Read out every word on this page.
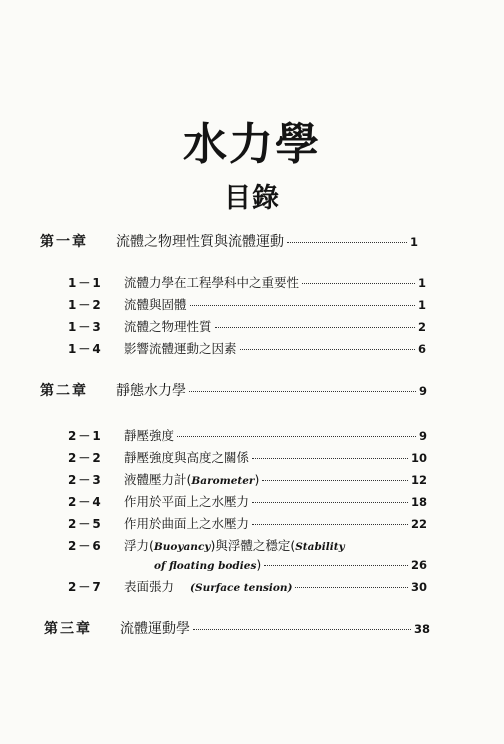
水力學
目錄
第一章	流體之物理性質與流體運動	1
1－1	流體力學在工程學科中之重要性	1
1－2	流體與固體	1
1－3	流體之物理性質	2
1－4	影響流體運動之因素	6
第二章	靜態水力學	9
2－1	靜壓強度	9
2－2	靜壓強度與高度之關係	10
2－3	液體壓力計( Barometer )	12
2－4	作用於平面上之水壓力	18
2－5	作用於曲面上之水壓力	22
2－6	浮力( Buoyancy )與浮體之穩定( Stability
of floating bodies )	26
2－7	表面張力 (Surface tension)	30
第三章	流體運動學	38
